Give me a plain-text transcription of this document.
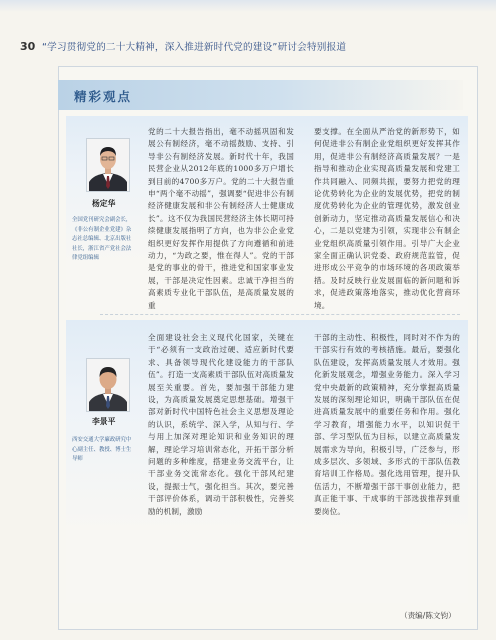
30 “学习贯彻党的二十大精神，深入推进新时代党的建设”研讨会特别报道
精彩观点
杨定华
全国党刊研究会副会长，《非公有制企业党建》杂志社总编辑、北京出版社社长，浙江省产党社会法律党组编辑
党的二十大报告指出，毫不动摇巩固和发展公有制经济，毫不动摇鼓励、支持、引导非公有制经济发展。新时代十年，我国民营企业从2012年底的1000多万户增长到目前的4700多万户。党的二十大报告重申“两个毫不动摇”，强调要“促进非公有制经济健康发展和非公有制经济人士健康成长”。这不仅为我国民营经济主体长期可持续健康发展指明了方向，也为非公企业党组织更好发挥作用提供了方向遵循和前进动力，“为政之要，惟在得人”。党的干部是党的事业的骨干，推进党和国家事业发展，干部是决定性因素。忠诚干净担当的高素质专业化干部队伍，是高质量发展的重
要支撑。在全面从严治党的新形势下，如何促进非公有制企业党组织更好发挥其作用，促进非公有制经济高质量发展？一是指导和推动企业实现高质量发展和党建工作共同融入、同频共振，要努力把党的理论优势转化为企业的发展优势，把党的制度优势转化为企业的管理优势，激发创业创新动力，坚定推动高质量发展信心和决心，二是以党建为引领，实现非公有制企业党组织高质量引领作用。引导广大企业家全面正确认识党委、政府规范监管，促进形成公平竞争的市场环境的各项政策举措。及时反映行业发展面临的新问题和诉求，促进政策落地落实，推动优化营商环境。
李景平
西安交通大学廉政研究中心副主任、教授、博士生导师
全面建设社会主义现代化国家，关键在于“必须有一支政治过硬、适应新时代要求、具备领导现代化建设能力的干部队伍”。打造一支高素质干部队伍对高质量发展至关重要。首先，要加强干部能力建设，为高质量发展奠定思想基础。增强干部对新时代中国特色社会主义思想及理论的认识，系统学、深入学，从知与行、学与用上加深对理论知识和业务知识的理解，理论学习培训常态化，开拓干部分析问题的多种维度，搭建业务交流平台，让干部业务交流常态化。强化干部风纪建设，提振士气，强化担当。其次，要完善干部评价体系，调动干部积极性，完善奖励的机制，激励
干部的主动性、积极性，同时对不作为的干部实行有效的考核措施。最后，要强化队伍建设，发挥高质量发展人才效用。强化新发展观念，增强业务能力。深入学习党中央最新的政策精神，充分掌握高质量发展的深刻理论知识，明确干部队伍在促进高质量发展中的重要任务和作用。强化学习教育，增强能力水平，以知识促干部、学习型队伍为目标，以建立高质量发展需求为导向，积极引导，广泛参与，形成多层次、多领域、多形式的干部队伍教育培训工作格局。强化选用管理，提升队伍活力，不断增强干部干事创业能力，把真正能干事、干成事的干部选拔推荐到重要岗位。
（责编/陈文钧）
